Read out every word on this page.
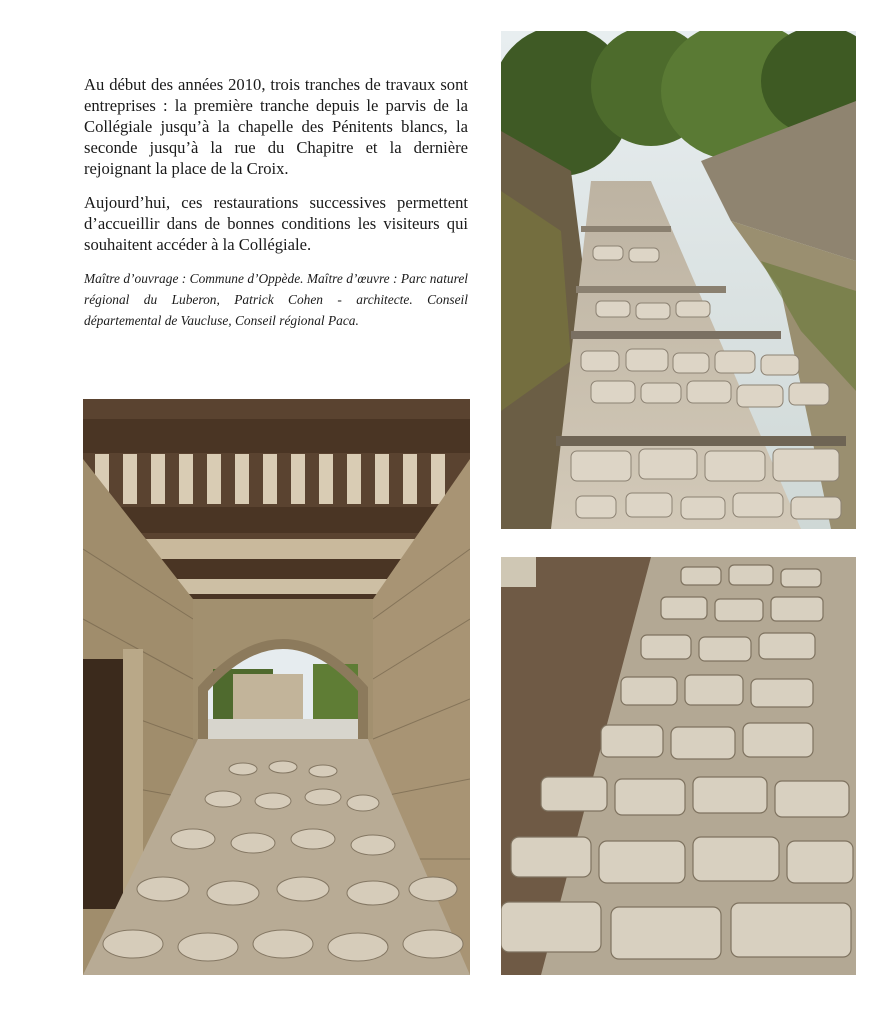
Au début des années 2010, trois tranches de travaux sont entreprises : la première tranche depuis le parvis de la Collégiale jusqu’à la chapelle des Pénitents blancs, la seconde jusqu’à la rue du Chapitre et la dernière rejoignant la place de la Croix.

Aujourd’hui, ces restaurations successives permettent d’accueillir dans de bonnes conditions les visiteurs qui souhaitent accéder à la Collégiale.

Maître d’ouvrage : Commune d’Oppède. Maître d’œuvre : Parc naturel régional du Luberon, Patrick Cohen - architecte. Conseil départemental de Vaucluse, Conseil régional Paca.
